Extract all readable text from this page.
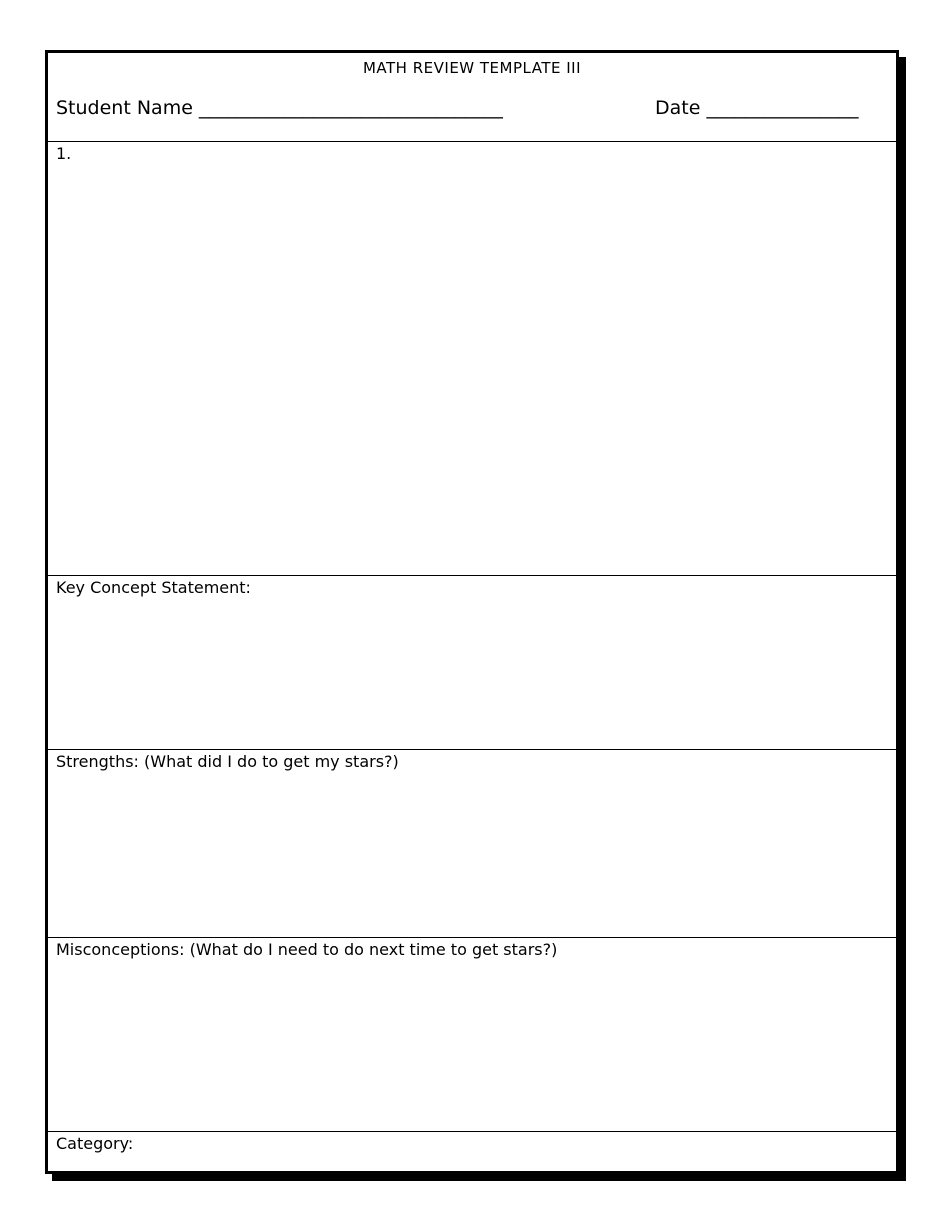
MATH REVIEW TEMPLATE III
Student Name ________________________________	Date ________________
1.
Key Concept Statement:
Strengths: (What did I do to get my stars?)
Misconceptions: (What do I need to do next time to get stars?)
Category:
